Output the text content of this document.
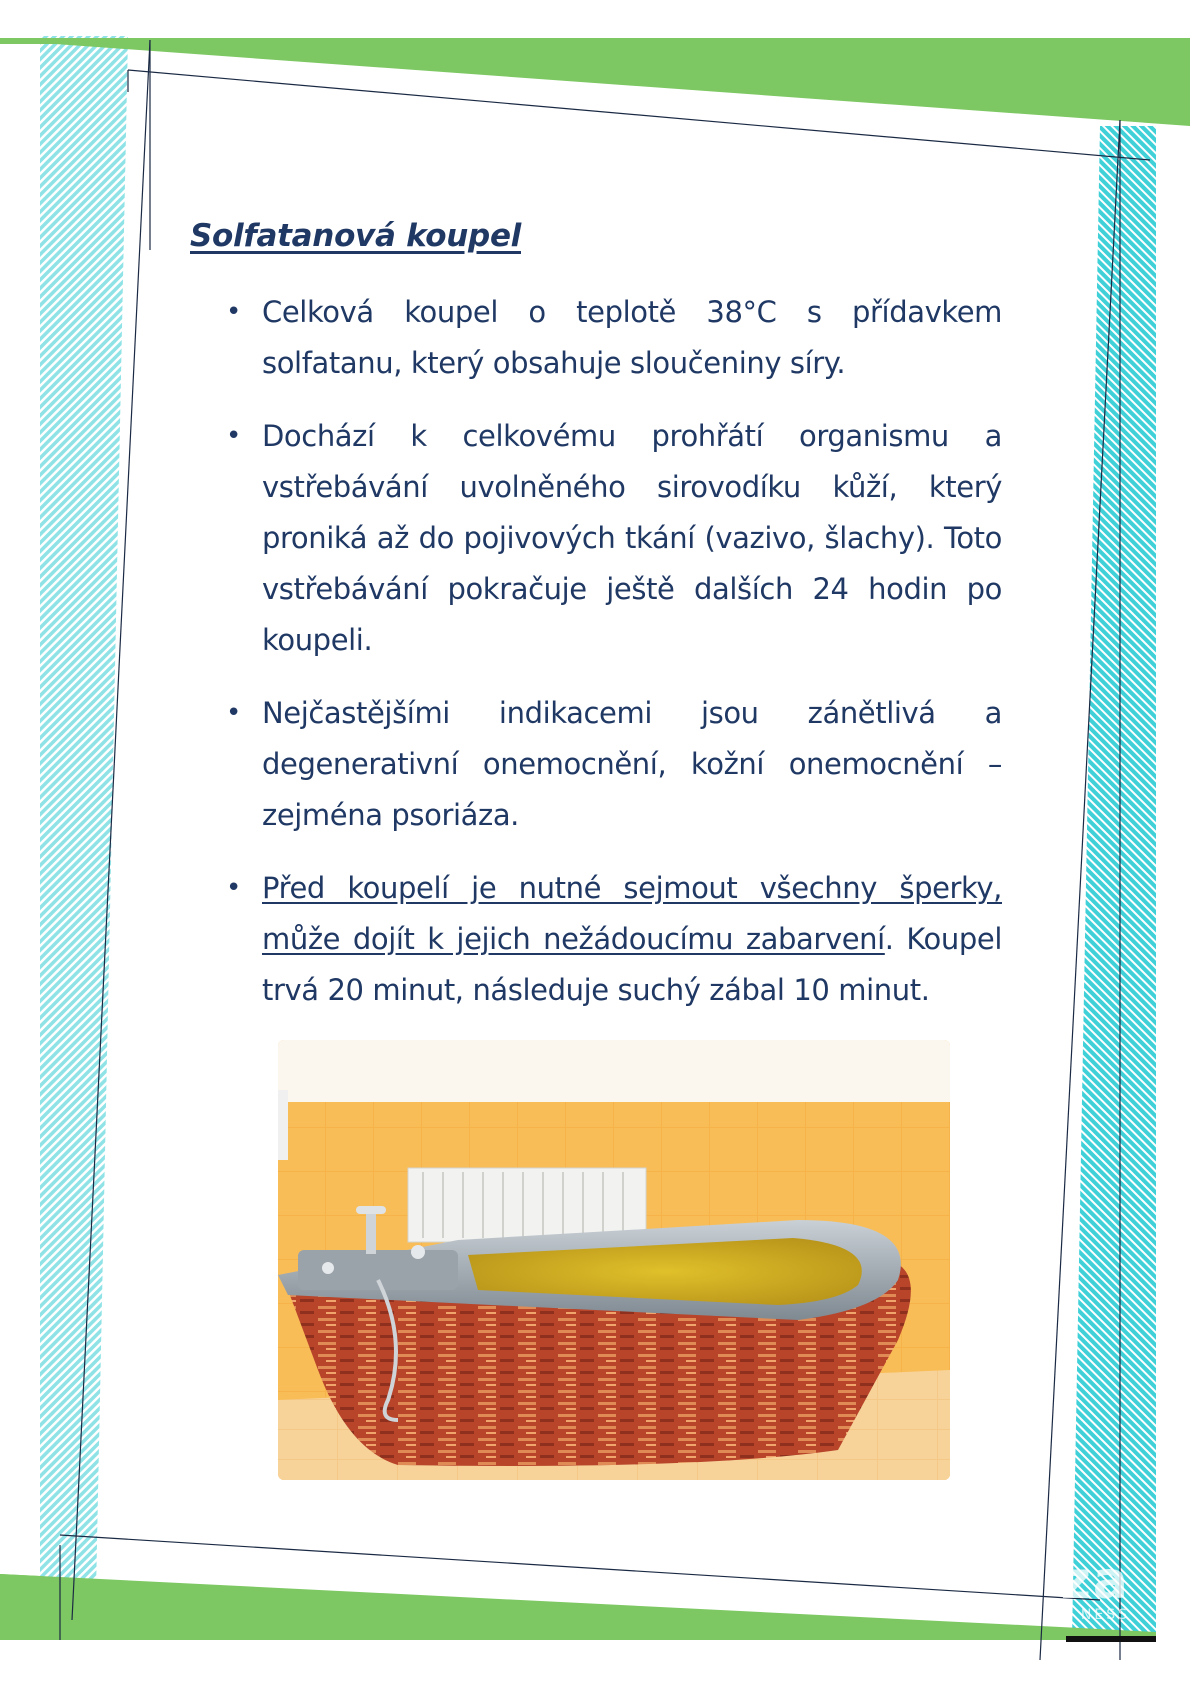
Solfatanová koupel
• Celková koupel o teplotě 38°C s přídavkem solfatanu, který obsahuje sloučeniny síry.
• Dochází k celkovému prohřátí organismu a vstřebávání uvolněného sirovodíku kůží, který proniká až do pojivových tkání (vazivo, šlachy). Toto vstřebávání pokračuje ještě dalších 24 hodin po koupeli.
• Nejčastějšími indikacemi jsou zánětlivá a degenerativní onemocnění, kožní onemocnění – zejména psoriáza.
• Před koupelí je nutné sejmout všechny šperky, může dojít k jejich nežádoucímu zabarvení. Koupel trvá 20 minut, následuje suchý zábal 10 minut.
za
NESS
